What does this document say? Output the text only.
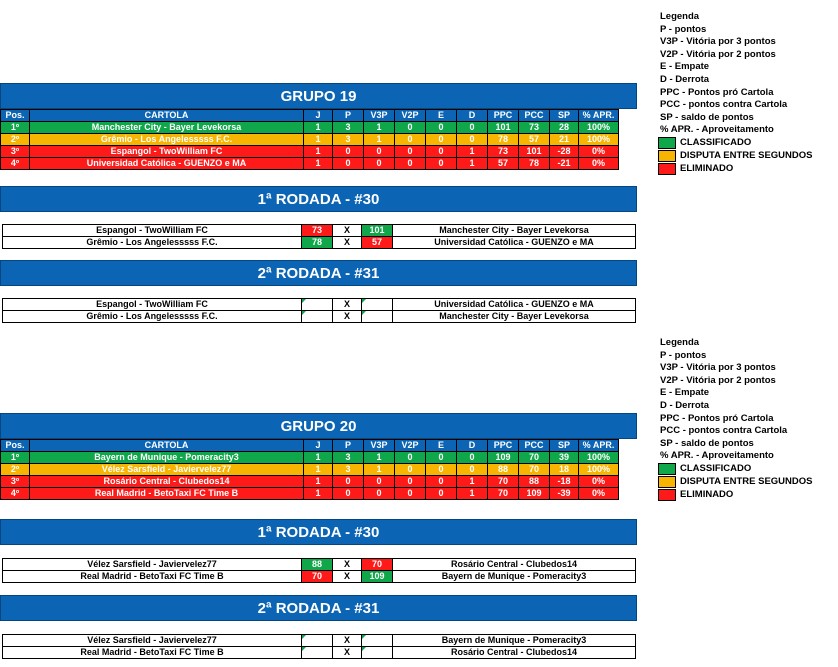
Legenda
P - pontos
V3P - Vitória por 3 pontos
V2P - Vitória por 2 pontos
E - Empate
D - Derrota
PPC - Pontos pró Cartola
PCC - pontos contra Cartola
SP - saldo de pontos
% APR. - Aproveitamento
CLASSIFICADO
DISPUTA ENTRE SEGUNDOS
ELIMINADO
Legenda
P - pontos
V3P - Vitória por 3 pontos
V2P - Vitória por 2 pontos
E - Empate
D - Derrota
PPC - Pontos pró Cartola
PCC - pontos contra Cartola
SP - saldo de pontos
% APR. - Aproveitamento
CLASSIFICADO
DISPUTA ENTRE SEGUNDOS
ELIMINADO
GRUPO 19
Pos.	CARTOLA	J	P	V3P	V2P	E	D	PPC	PCC	SP	% APR.
1º	Manchester City - Bayer Levekorsa	1	3	1	0	0	0	101	73	28	100%
2º	Grêmio - Los Angelesssss F.C.	1	3	1	0	0	0	78	57	21	100%
3º	Espangol - TwoWilliam FC	1	0	0	0	0	1	73	101	-28	0%
4º	Universidad Católica - GUENZO e MA	1	0	0	0	0	1	57	78	-21	0%
1ª RODADA - #30
Espangol - TwoWilliam FC	73	X	101	Manchester City - Bayer Levekorsa
Grêmio - Los Angelesssss F.C.	78	X	57	Universidad Católica - GUENZO e MA
2ª RODADA - #31
Espangol - TwoWilliam FC		X		Universidad Católica - GUENZO e MA
Grêmio - Los Angelesssss F.C.		X		Manchester City - Bayer Levekorsa
GRUPO 20
Pos.	CARTOLA	J	P	V3P	V2P	E	D	PPC	PCC	SP	% APR.
1º	Bayern de Munique - Pomeracity3	1	3	1	0	0	0	109	70	39	100%
2º	Vélez Sarsfield - Javiervelez77	1	3	1	0	0	0	88	70	18	100%
3º	Rosário Central - Clubedos14	1	0	0	0	0	1	70	88	-18	0%
4º	Real Madrid - BetoTaxi FC Time B	1	0	0	0	0	1	70	109	-39	0%
1ª RODADA - #30
Vélez Sarsfield - Javiervelez77	88	X	70	Rosário Central - Clubedos14
Real Madrid - BetoTaxi FC Time B	70	X	109	Bayern de Munique - Pomeracity3
2ª RODADA - #31
Vélez Sarsfield - Javiervelez77		X		Bayern de Munique - Pomeracity3
Real Madrid - BetoTaxi FC Time B		X		Rosário Central - Clubedos14
